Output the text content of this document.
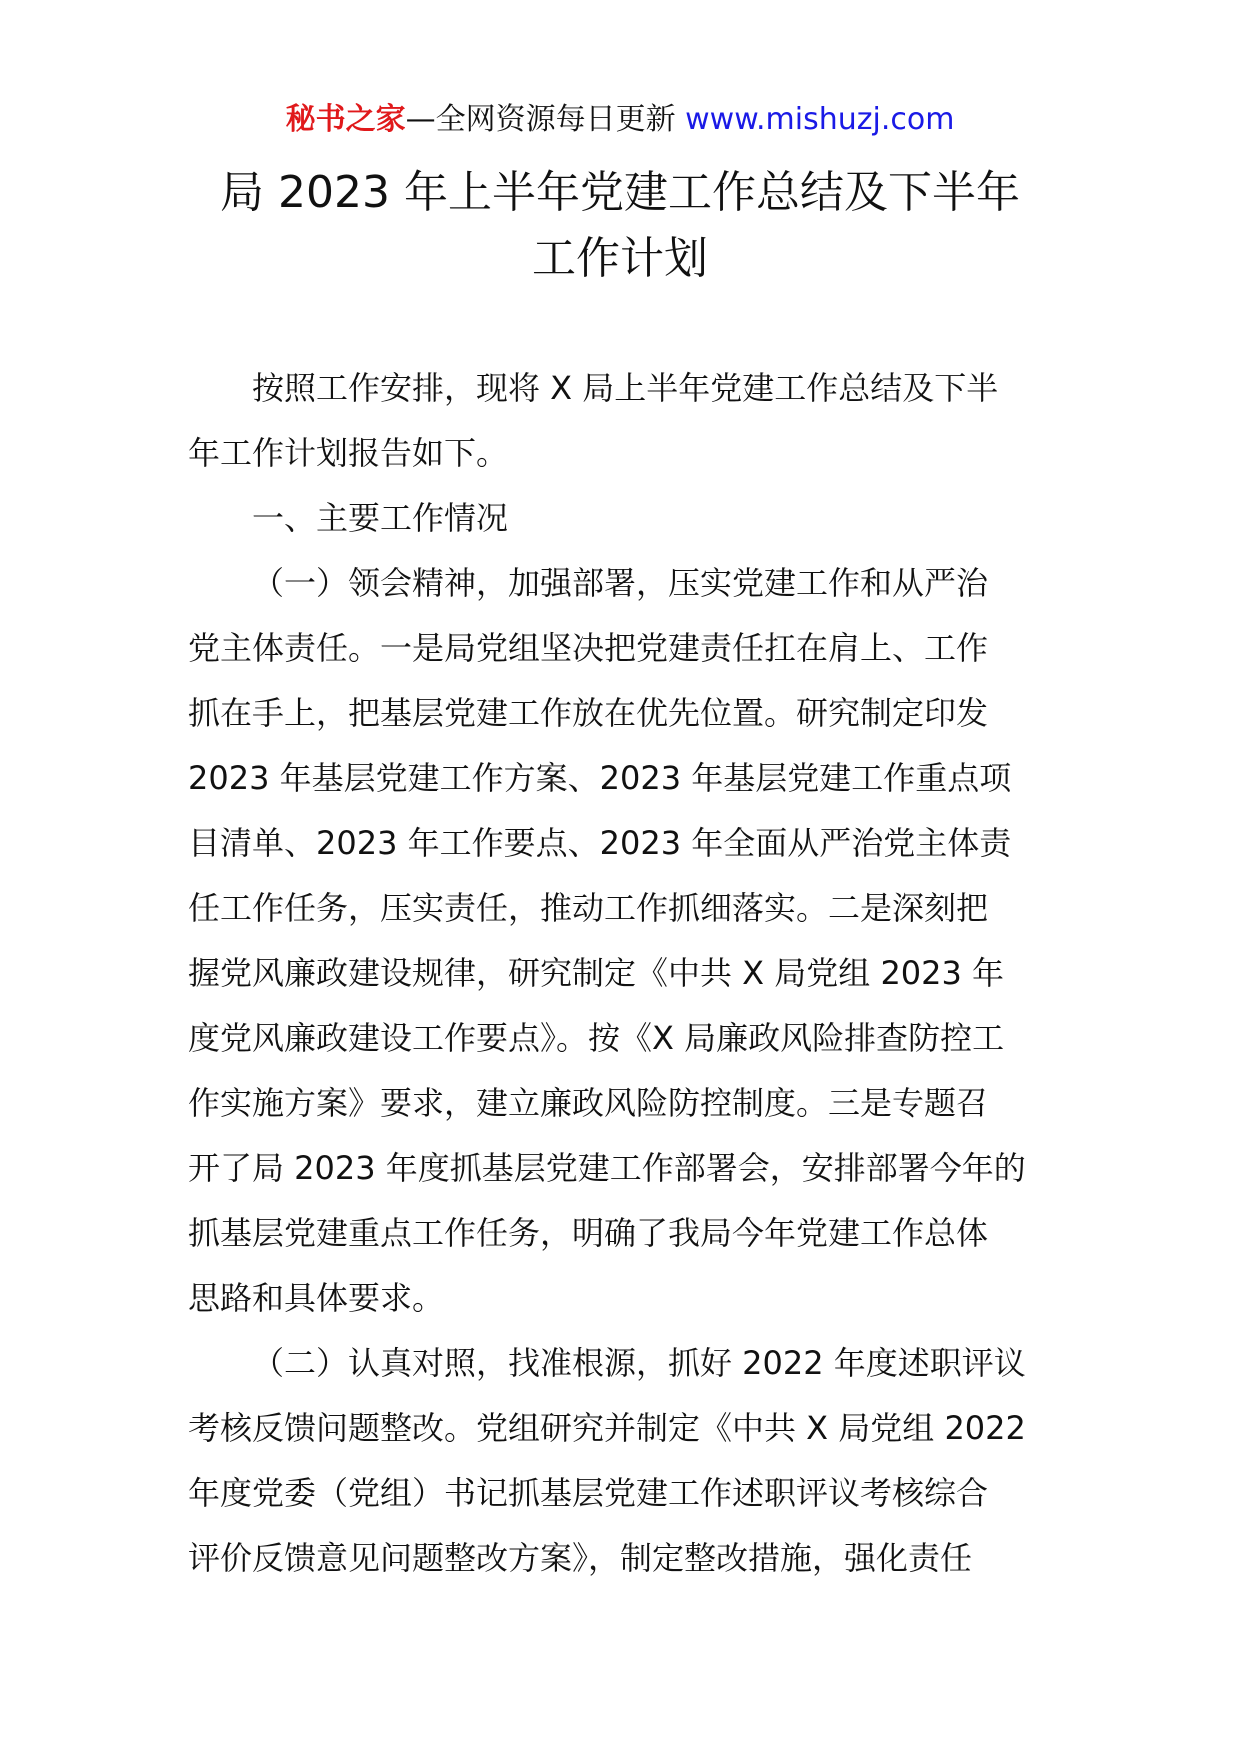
秘书之家—全网资源每日更新 www.mishuzj.com
局 2023 年上半年党建工作总结及下半年
工作计划
按照工作安排，现将 X 局上半年党建工作总结及下半
年工作计划报告如下。
一、主要工作情况
（一）领会精神，加强部署，压实党建工作和从严治
党主体责任。一是局党组坚决把党建责任扛在肩上、工作
抓在手上，把基层党建工作放在优先位置。研究制定印发
2023 年基层党建工作方案、2023 年基层党建工作重点项
目清单、2023 年工作要点、2023 年全面从严治党主体责
任工作任务，压实责任，推动工作抓细落实。二是深刻把
握党风廉政建设规律，研究制定《中共 X 局党组 2023 年
度党风廉政建设工作要点》。按《X 局廉政风险排查防控工
作实施方案》要求，建立廉政风险防控制度。三是专题召
开了局 2023 年度抓基层党建工作部署会，安排部署今年的
抓基层党建重点工作任务，明确了我局今年党建工作总体
思路和具体要求。
（二）认真对照，找准根源，抓好 2022 年度述职评议
考核反馈问题整改。党组研究并制定《中共 X 局党组 2022
年度党委（党组）书记抓基层党建工作述职评议考核综合
评价反馈意见问题整改方案》，制定整改措施，强化责任
